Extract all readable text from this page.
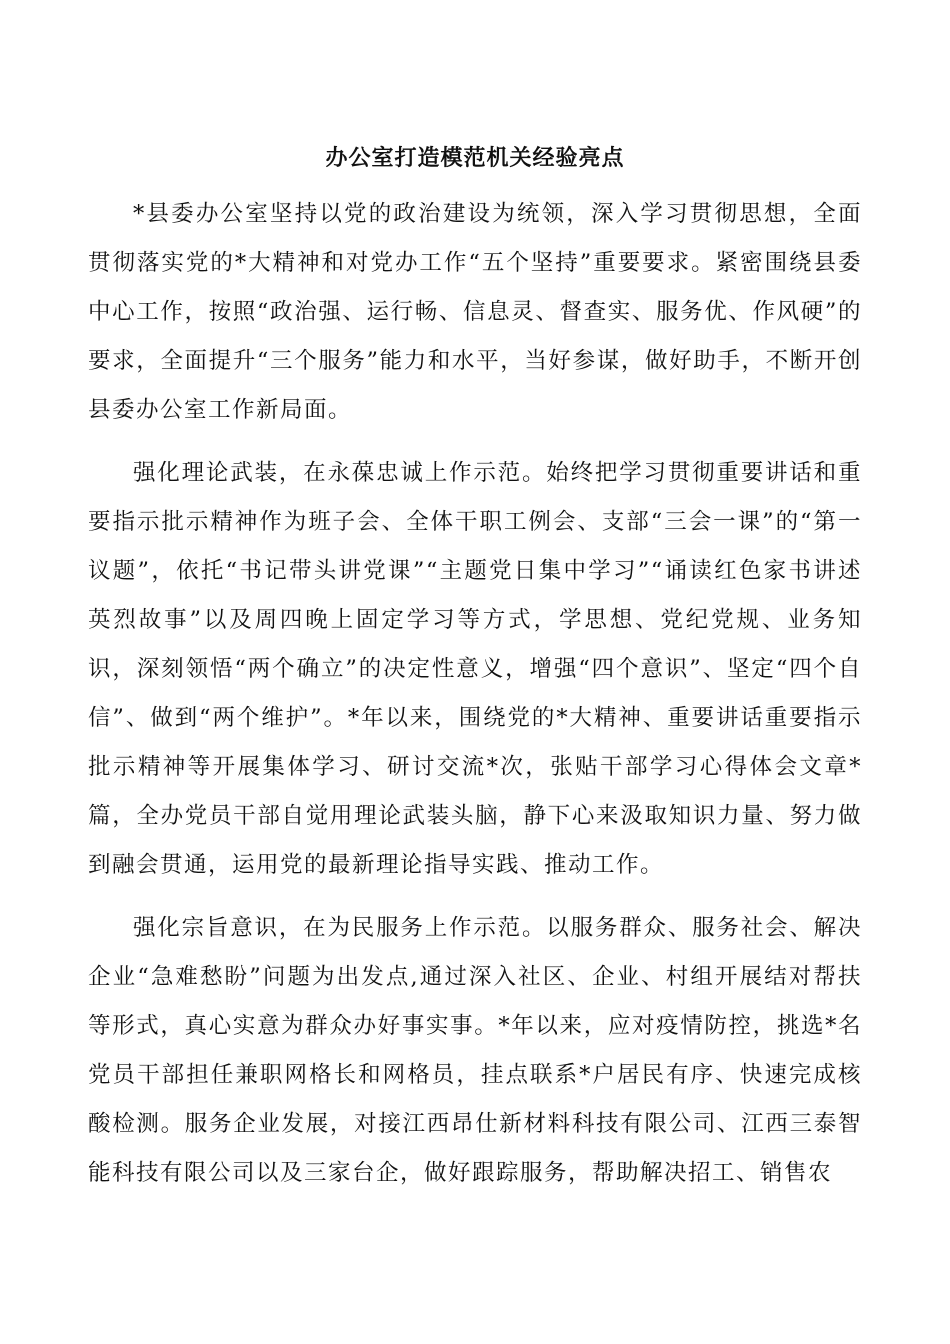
办公室打造模范机关经验亮点

*县委办公室坚持以党的政治建设为统领，深入学习贯彻思想，全面贯彻落实党的*大精神和对党办工作“五个坚持”重要要求。紧密围绕县委中心工作，按照“政治强、运行畅、信息灵、督查实、服务优、作风硬”的要求，全面提升“三个服务”能力和水平，当好参谋，做好助手，不断开创县委办公室工作新局面。

强化理论武装，在永葆忠诚上作示范。始终把学习贯彻重要讲话和重要指示批示精神作为班子会、全体干职工例会、支部“三会一课”的“第一议题”，依托“书记带头讲党课”“主题党日集中学习”“诵读红色家书讲述英烈故事”以及周四晚上固定学习等方式，学思想、党纪党规、业务知识，深刻领悟“两个确立”的决定性意义，增强“四个意识”、坚定“四个自信”、做到“两个维护”。*年以来，围绕党的*大精神、重要讲话重要指示批示精神等开展集体学习、研讨交流*次，张贴干部学习心得体会文章*篇，全办党员干部自觉用理论武装头脑，静下心来汲取知识力量、努力做到融会贯通，运用党的最新理论指导实践、推动工作。

强化宗旨意识，在为民服务上作示范。以服务群众、服务社会、解决企业“急难愁盼”问题为出发点,通过深入社区、企业、村组开展结对帮扶等形式，真心实意为群众办好事实事。*年以来，应对疫情防控，挑选*名党员干部担任兼职网格长和网格员，挂点联系*户居民有序、快速完成核酸检测。服务企业发展，对接江西昂仕新材料科技有限公司、江西三泰智能科技有限公司以及三家台企，做好跟踪服务，帮助解决招工、销售农
